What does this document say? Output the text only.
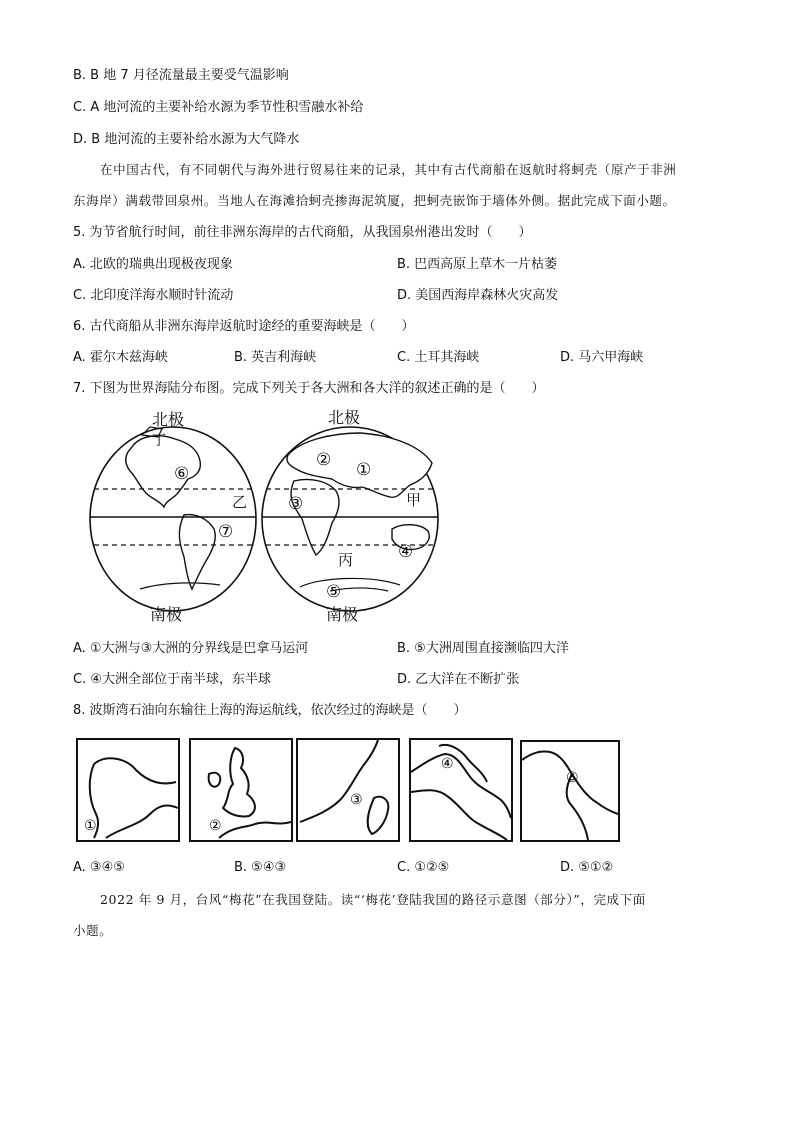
B. B 地 7 月径流量最主要受气温影响
C. A 地河流的主要补给水源为季节性积雪融水补给
D. B 地河流的主要补给水源为大气降水
在中国古代，有不同朝代与海外进行贸易往来的记录，其中有古代商船在返航时将蚵壳（原产于非洲
东海岸）满载带回泉州。当地人在海滩拾蚵壳掺海泥筑厦，把蚵壳嵌饰于墙体外侧。据此完成下面小题。
5. 为节省航行时间，前往非洲东海岸的古代商船，从我国泉州港出发时（　　）
A. 北欧的瑞典出现极夜现象	B. 巴西高原上草木一片枯萎
C. 北印度洋海水顺时针流动	D. 美国西海岸森林火灾高发
6. 古代商船从非洲东海岸返航时途经的重要海峡是（　　）
A. 霍尔木兹海峡	B. 英吉利海峡	C. 土耳其海峡	D. 马六甲海峡
7. 下图为世界海陆分布图。完成下列关于各大洲和各大洋的叙述正确的是（　　）
北极	北极
南极	南极
丁
乙	甲
丙
①
②
③
④
⑤
⑥
⑦
A. ①大洲与③大洲的分界线是巴拿马运河	B. ⑤大洲周围直接濒临四大洋
C. ④大洲全部位于南半球，东半球	D. 乙大洋在不断扩张
8. 波斯湾石油向东输往上海的海运航线，依次经过的海峡是（　　）
①	②
③
④
⑤
A. ③④⑤	B. ⑤④③	C. ①②⑤	D. ⑤①②
2022 年 9 月，台风“梅花”在我国登陆。读“‘梅花’登陆我国的路径示意图（部分）”，完成下面
小题。
